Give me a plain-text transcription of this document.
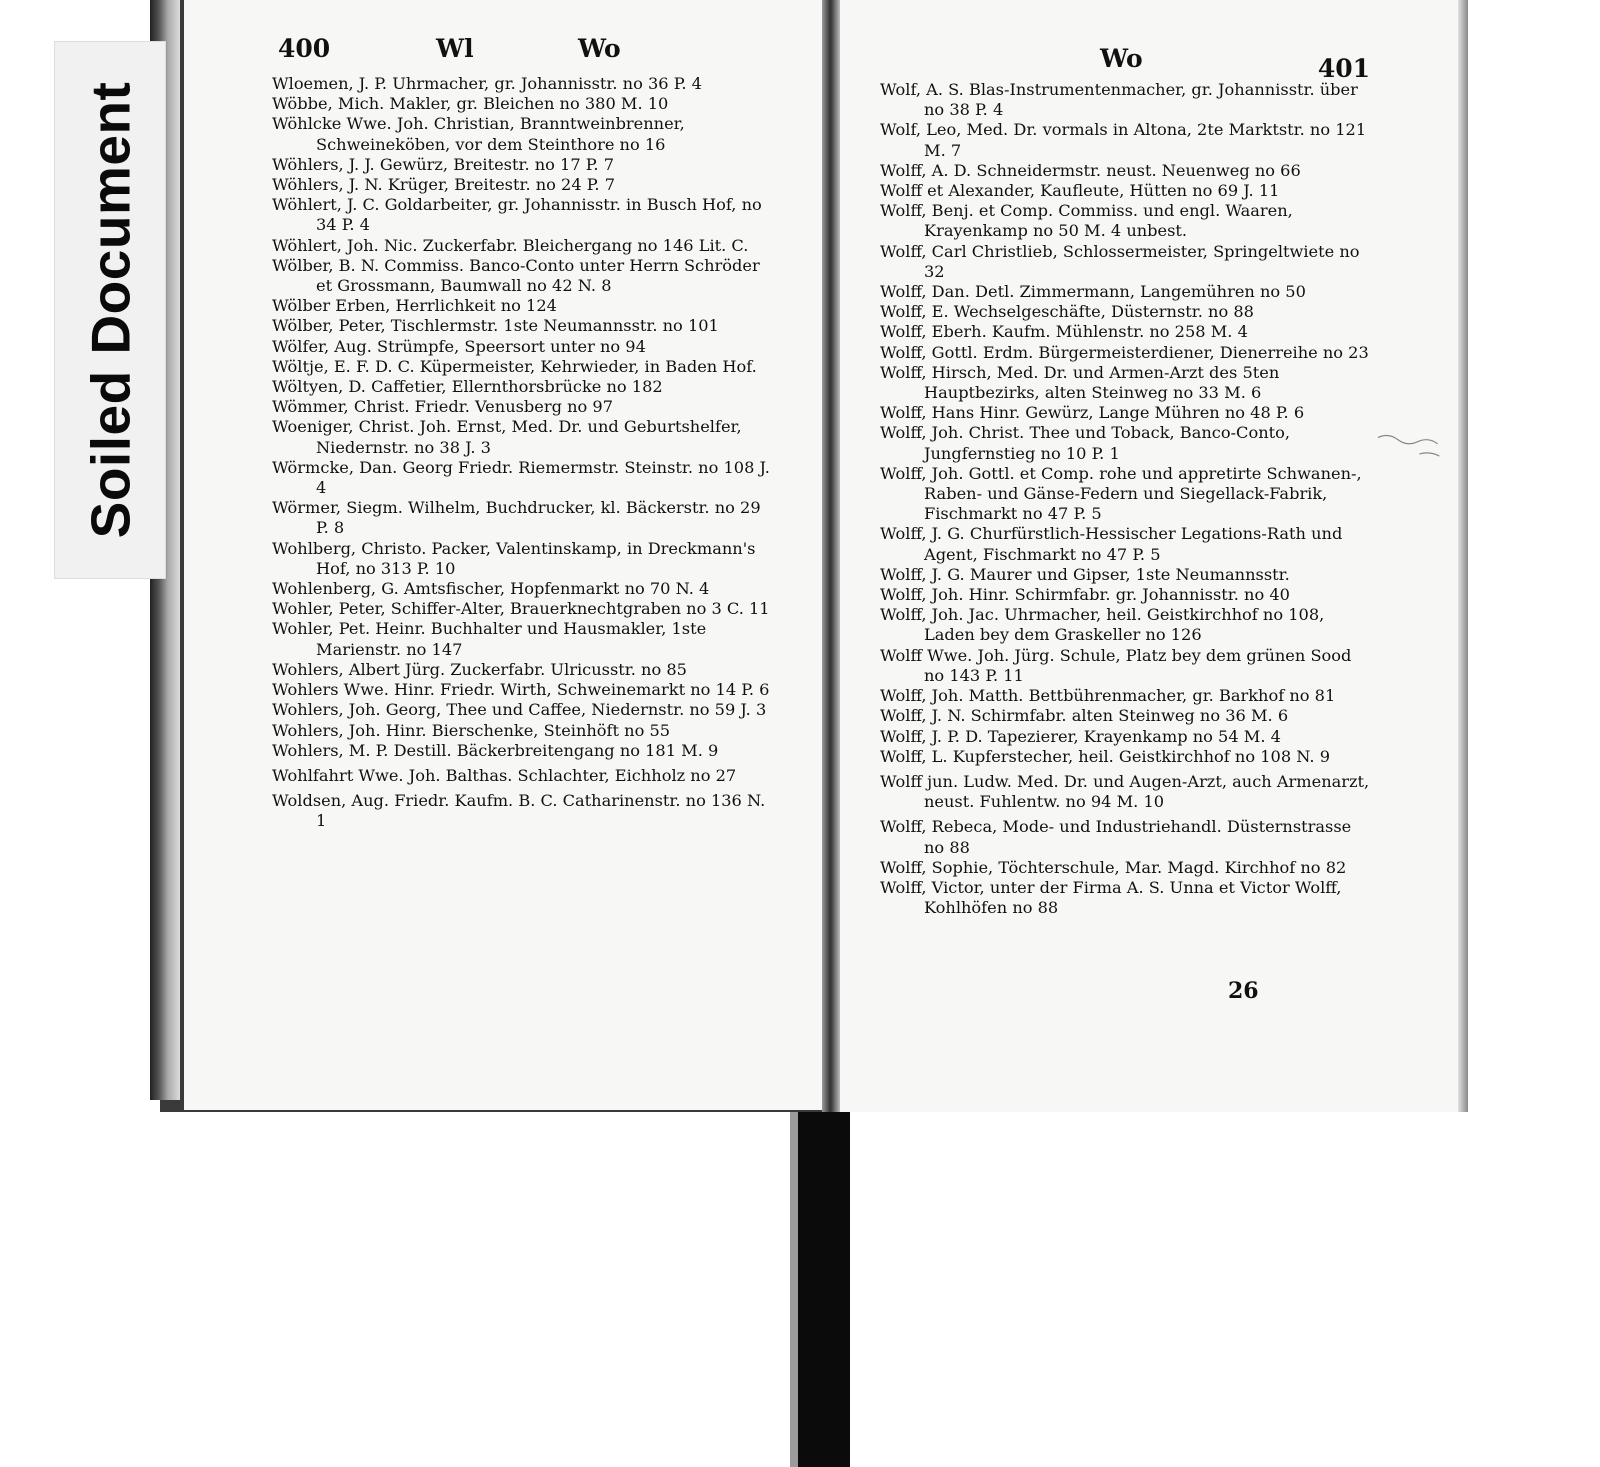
Soiled Document
400	Wl	Wo	Wo	401

Wloemen, J. P. Uhrmacher, gr. Johannisstr. no 36 P. 4

Wöbbe, Mich. Makler, gr. Bleichen no 380 M. 10

Wöhlcke Wwe. Joh. Christian, Branntweinbrenner, Schweineköben, vor dem Steinthore no 16

Wöhlers, J. J. Gewürz, Breitestr. no 17 P. 7

Wöhlers, J. N. Krüger, Breitestr. no 24 P. 7

Wöhlert, J. C. Goldarbeiter, gr. Johannisstr. in Busch Hof, no 34 P. 4

Wöhlert, Joh. Nic. Zuckerfabr. Bleichergang no 146 Lit. C.

Wölber, B. N. Commiss. Banco-Conto unter Herrn Schröder et Grossmann, Baumwall no 42 N. 8

Wölber Erben, Herrlichkeit no 124

Wölber, Peter, Tischlermstr. 1ste Neumannsstr. no 101

Wölfer, Aug. Strümpfe, Speersort unter no 94

Wöltje, E. F. D. C. Küpermeister, Kehrwieder, in Baden Hof.

Wöltyen, D. Caffetier, Ellernthorsbrücke no 182

Wömmer, Christ. Friedr. Venusberg no 97

Woeniger, Christ. Joh. Ernst, Med. Dr. und Geburtshelfer, Niedernstr. no 38 J. 3

Wörmcke, Dan. Georg Friedr. Riemermstr. Steinstr. no 108 J. 4

Wörmer, Siegm. Wilhelm, Buchdrucker, kl. Bäckerstr. no 29 P. 8

Wohlberg, Christo. Packer, Valentinskamp, in Dreckmann's Hof, no 313 P. 10

Wohlenberg, G. Amtsfischer, Hopfenmarkt no 70 N. 4

Wohler, Peter, Schiffer-Alter, Brauerknechtgraben no 3 C. 11

Wohler, Pet. Heinr. Buchhalter und Hausmakler, 1ste Marienstr. no 147

Wohlers, Albert Jürg. Zuckerfabr. Ulricusstr. no 85

Wohlers Wwe. Hinr. Friedr. Wirth, Schweinemarkt no 14 P. 6

Wohlers, Joh. Georg, Thee und Caffee, Niedernstr. no 59 J. 3

Wohlers, Joh. Hinr. Bierschenke, Steinhöft no 55

Wohlers, M. P. Destill. Bäckerbreitengang no 181 M. 9

Wohlfahrt Wwe. Joh. Balthas. Schlachter, Eichholz no 27

Woldsen, Aug. Friedr. Kaufm. B. C. Catharinenstr. no 136 N. 1

Wolf, A. S. Blas-Instrumentenmacher, gr. Johannisstr. über no 38 P. 4

Wolf, Leo, Med. Dr. vormals in Altona, 2te Marktstr. no 121 M. 7

Wolff, A. D. Schneidermstr. neust. Neuenweg no 66

Wolff et Alexander, Kaufleute, Hütten no 69 J. 11

Wolff, Benj. et Comp. Commiss. und engl. Waaren, Krayenkamp no 50 M. 4 unbest.

Wolff, Carl Christlieb, Schlossermeister, Springeltwiete no 32

Wolff, Dan. Detl. Zimmermann, Langemühren no 50

Wolff, E. Wechselgeschäfte, Düsternstr. no 88

Wolff, Eberh. Kaufm. Mühlenstr. no 258 M. 4

Wolff, Gottl. Erdm. Bürgermeisterdiener, Dienerreihe no 23

Wolff, Hirsch, Med. Dr. und Armen-Arzt des 5ten Hauptbezirks, alten Steinweg no 33 M. 6

Wolff, Hans Hinr. Gewürz, Lange Mühren no 48 P. 6

Wolff, Joh. Christ. Thee und Toback, Banco-Conto, Jungfernstieg no 10 P. 1

Wolff, Joh. Gottl. et Comp. rohe und appretirte Schwanen-, Raben- und Gänse-Federn und Siegellack-Fabrik, Fischmarkt no 47 P. 5

Wolff, J. G. Churfürstlich-Hessischer Legations-Rath und Agent, Fischmarkt no 47 P. 5

Wolff, J. G. Maurer und Gipser, 1ste Neumannsstr.

Wolff, Joh. Hinr. Schirmfabr. gr. Johannisstr. no 40

Wolff, Joh. Jac. Uhrmacher, heil. Geistkirchhof no 108, Laden bey dem Graskeller no 126

Wolff Wwe. Joh. Jürg. Schule, Platz bey dem grünen Sood no 143 P. 11

Wolff, Joh. Matth. Bettbührenmacher, gr. Barkhof no 81

Wolff, J. N. Schirmfabr. alten Steinweg no 36 M. 6

Wolff, J. P. D. Tapezierer, Krayenkamp no 54 M. 4

Wolff, L. Kupferstecher, heil. Geistkirchhof no 108 N. 9

Wolff jun. Ludw. Med. Dr. und Augen-Arzt, auch Armenarzt, neust. Fuhlentw. no 94 M. 10

Wolff, Rebeca, Mode- und Industriehandl. Düsternstrasse no 88

Wolff, Sophie, Töchterschule, Mar. Magd. Kirchhof no 82

Wolff, Victor, unter der Firma A. S. Unna et Victor Wolff, Kohlhöfen no 88

26
